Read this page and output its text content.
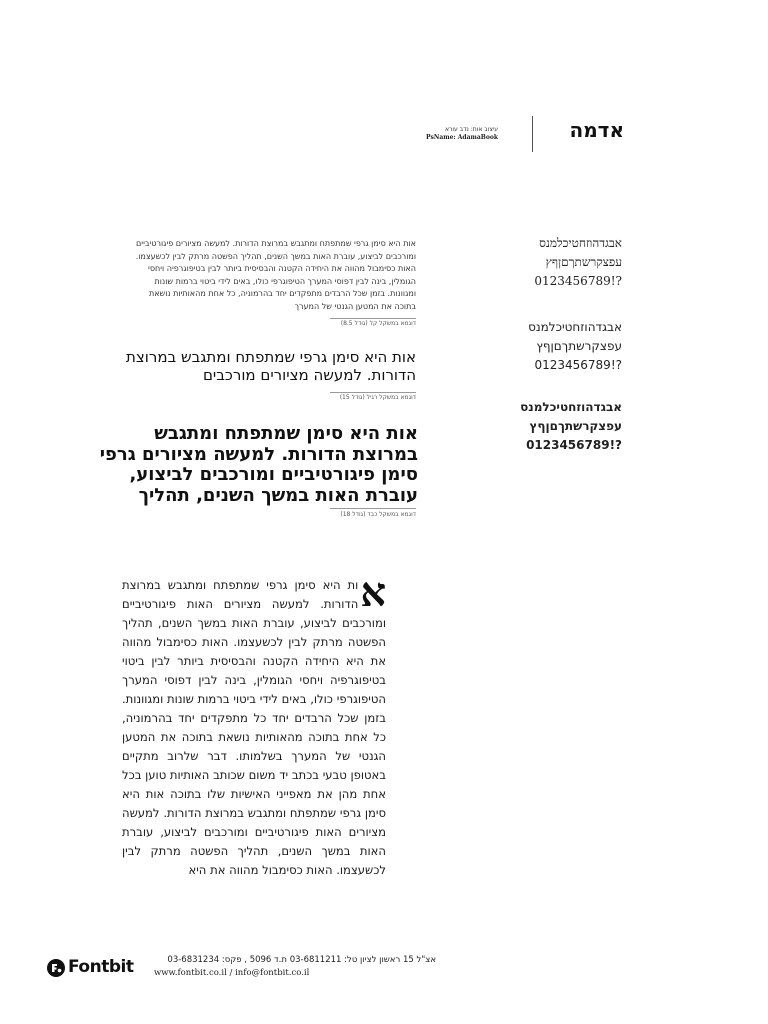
אדמה
עיצוב אות: נדב עורא
PsName: AdamaBook
אבגדהוזחטיכלמנס
עפצקרשתךםןףץ
?!0123456789
אבגדהוזחטיכלמנס
עפצקרשתךםןףץ
?!0123456789
אבגדהוזחטיכלמנס
עפצקרשתךםןףץ
?!0123456789
אות היא סימן גרפי שמתפתח ומתגבש במרוצת הדורות. למעשה מציורים פיגורטיביים ומורכבים לביצוע, עוברת האות במשך השנים, תהליך הפשטה מרתק לבין לכשעצמו. האות כסימבול מהווה את היחידה הקטנה והבסיסית ביותר לבין בטיפוגרפיה ויחסי הגומלין, בינה לבין דפוסי המערך הטיפוגרפי כולו, באים לידי ביטוי ברמות שונות ומגוונות. בזמן שכל הרבדים מתפקדים יחד בהרמוניה, כל אחת מהאותיות נושאת בתוכה את המטען הגנטי של המערך
דוגמא במשקל קל (גודל 8.5)
אות היא סימן גרפי שמתפתח ומתגבש במרוצת הדורות. למעשה מציורים מורכבים
דוגמא במשקל רגיל (גודל 15)
אות היא סימן שמתפתח ומתגבש במרוצת הדורות. למעשה מציורים גרפי סימן פיגורטיביים ומורכבים לביצוע, עוברת האות במשך השנים, תהליך
דוגמא במשקל כבד (גודל 18)
א
ות היא סימן גרפי שמתפתח ומתגבש במרוצת הדורות. למעשה מציורים האות פיגורטיביים ומורכבים לביצוע, עוברת האות במשך השנים, תהליך הפשטה מרתק לבין לכשעצמו. האות כסימבול מהווה את היא היחידה הקטנה והבסיסית ביותר לבין ביטוי בטיפוגרפיה ויחסי הגומלין, בינה לבין דפוסי המערך הטיפוגרפי כולו, באים לידי ביטוי ברמות שונות ומגוונות. בזמן שכל הרבדים יחד כל מתפקדים יחד בהרמוניה, כל אחת בתוכה מהאותיות נושאת בתוכה את המטען הגנטי של המערך בשלמותו. דבר שלרוב מתקיים באטופן טבעי בכתב יד משום שכותב האותיות טוען בכל אחת מהן את מאפייני האישיות שלו בתוכה אות היא סימן גרפי שמתפתח ומתגבש במרוצת הדורות. למעשה מציורים האות פיגורטיביים ומורכבים לביצוע, עוברת האות במשך השנים, תהליך הפשטה מרתק לבין לכשעצמו. האות כסימבול מהווה את היא
Fontbit	אצ"ל 15 ראשון לציון טל: 03-6811211 ת.ד 5096 , פקס: 03-6831234
www.fontbit.co.il / info@fontbit.co.il
